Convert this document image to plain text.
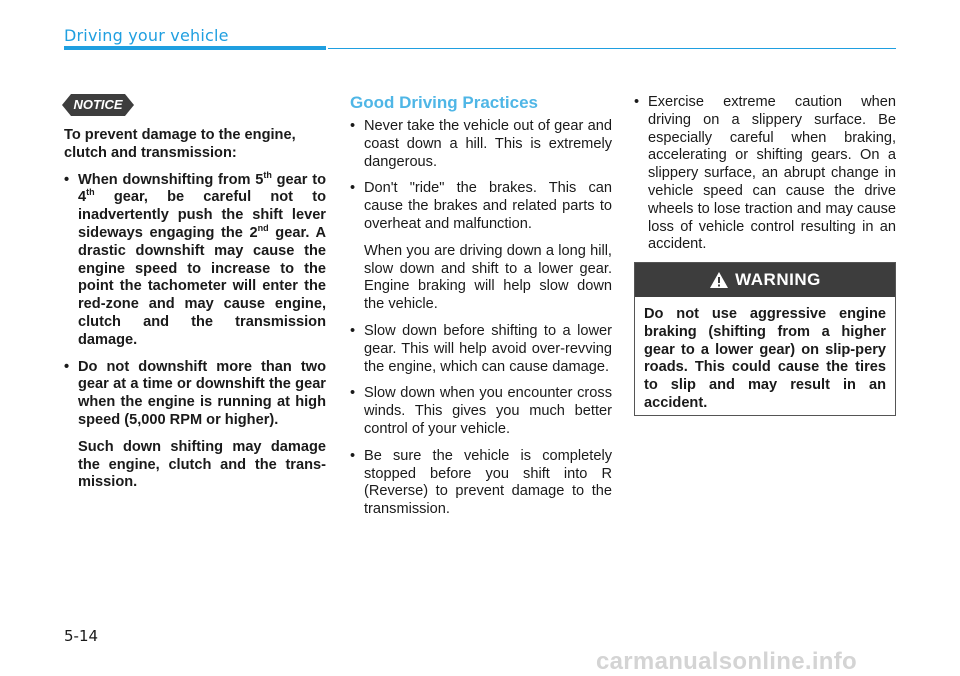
Driving your vehicle
NOTICE
To prevent damage to the engine, clutch and transmission:
• When downshifting from 5th gear to 4th gear, be careful not to inadvertently push the shift lever sideways engaging the 2nd gear. A drastic downshift may cause the engine speed to increase to the point the tachometer will enter the red-zone and may cause engine, clutch and the transmission damage.
• Do not downshift more than two gear at a time or downshift the gear when the engine is running at high speed (5,000 RPM or higher).
Such down shifting may damage the engine, clutch and the trans-mission.
Good Driving Practices
• Never take the vehicle out of gear and coast down a hill. This is extremely dangerous.
• Don't "ride" the brakes. This can cause the brakes and related parts to overheat and malfunction.
When you are driving down a long hill, slow down and shift to a lower gear. Engine braking will help slow down the vehicle.
• Slow down before shifting to a lower gear. This will help avoid over-revving the engine, which can cause damage.
• Slow down when you encounter cross winds. This gives you much better control of your vehicle.
• Be sure the vehicle is completely stopped before you shift into R (Reverse) to prevent damage to the transmission.
• Exercise extreme caution when driving on a slippery surface. Be especially careful when braking, accelerating or shifting gears. On a slippery surface, an abrupt change in vehicle speed can cause the drive wheels to lose traction and may cause loss of vehicle control resulting in an accident.
WARNING
Do not use aggressive engine braking (shifting from a higher gear to a lower gear) on slip-pery roads. This could cause the tires to slip and may result in an accident.
5-14
carmanualsonline.info
